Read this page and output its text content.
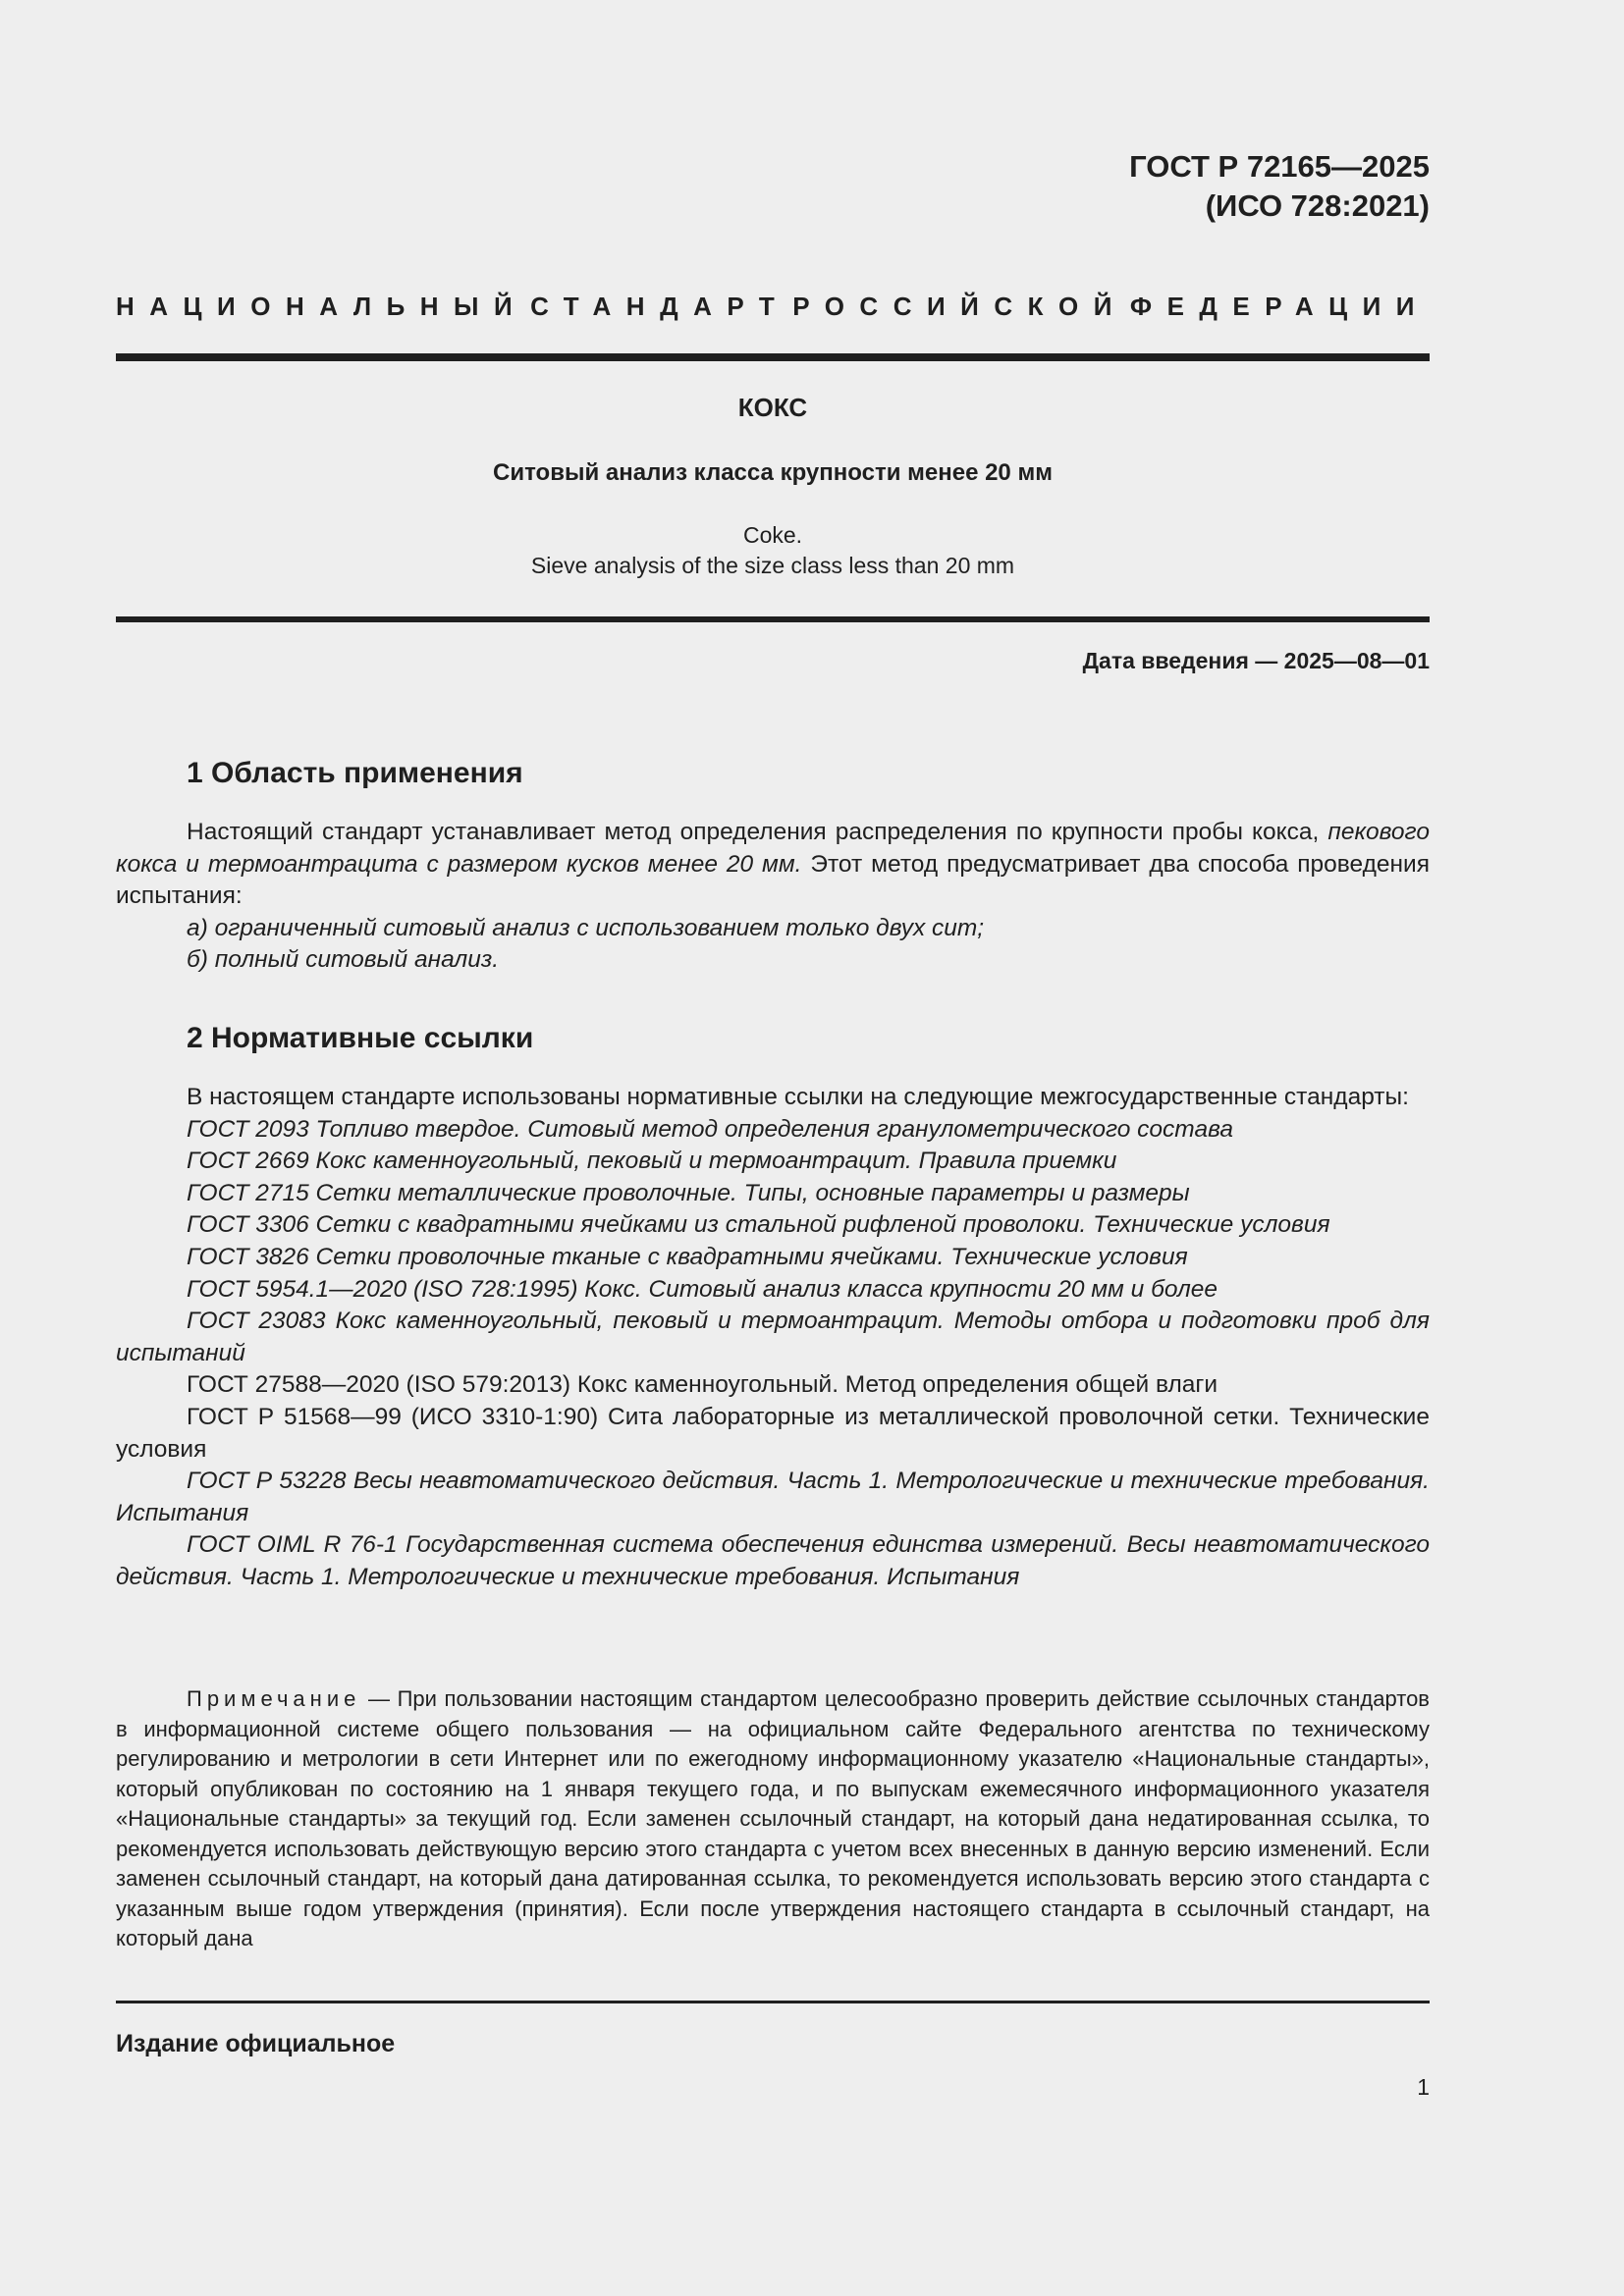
ГОСТ Р 72165—2025
(ИСО 728:2021)
НАЦИОНАЛЬНЫЙ СТАНДАРТ РОССИЙСКОЙ ФЕДЕРАЦИИ
КОКС
Ситовый анализ класса крупности менее 20 мм
Coke.
Sieve analysis of the size class less than 20 mm
Дата введения — 2025—08—01
1 Область применения

Настоящий стандарт устанавливает метод определения распределения по крупности пробы кокса, пекового кокса и термоантрацита с размером кусков менее 20 мм. Этот метод предусматривает два способа проведения испытания:

а) ограниченный ситовый анализ с использованием только двух сит;

б) полный ситовый анализ.

2 Нормативные ссылки

В настоящем стандарте использованы нормативные ссылки на следующие межгосударственные стандарты:

ГОСТ 2093 Топливо твердое. Ситовый метод определения гранулометрического состава

ГОСТ 2669 Кокс каменноугольный, пековый и термоантрацит. Правила приемки

ГОСТ 2715 Сетки металлические проволочные. Типы, основные параметры и размеры

ГОСТ 3306 Сетки с квадратными ячейками из стальной рифленой проволоки. Технические условия

ГОСТ 3826 Сетки проволочные тканые с квадратными ячейками. Технические условия

ГОСТ 5954.1—2020 (ISO 728:1995) Кокс. Ситовый анализ класса крупности 20 мм и более

ГОСТ 23083 Кокс каменноугольный, пековый и термоантрацит. Методы отбора и подготовки проб для испытаний

ГОСТ 27588—2020 (ISO 579:2013) Кокс каменноугольный. Метод определения общей влаги

ГОСТ Р 51568—99 (ИСО 3310-1:90) Сита лабораторные из металлической проволочной сетки. Технические условия

ГОСТ Р 53228 Весы неавтоматического действия. Часть 1. Метрологические и технические требования. Испытания

ГОСТ OIML R 76-1 Государственная система обеспечения единства измерений. Весы неавтоматического действия. Часть 1. Метрологические и технические требования. Испытания

Примечание — При пользовании настоящим стандартом целесообразно проверить действие ссылочных стандартов в информационной системе общего пользования — на официальном сайте Федерального агентства по техническому регулированию и метрологии в сети Интернет или по ежегодному информационному указателю «Национальные стандарты», который опубликован по состоянию на 1 января текущего года, и по выпускам ежемесячного информационного указателя «Национальные стандарты» за текущий год. Если заменен ссылочный стандарт, на который дана недатированная ссылка, то рекомендуется использовать действующую версию этого стандарта с учетом всех внесенных в данную версию изменений. Если заменен ссылочный стандарт, на который дана датированная ссылка, то рекомендуется использовать версию этого стандарта с указанным выше годом утверждения (принятия). Если после утверждения настоящего стандарта в ссылочный стандарт, на который дана

Издание официальное
1
